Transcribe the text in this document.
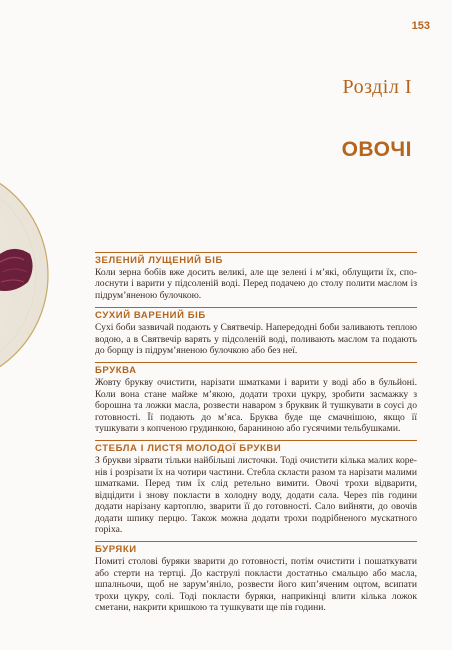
153
Розділ I
ОВОЧІ
ЗЕЛЕНИЙ ЛУЩЕНИЙ БІБ

Коли зерна бобів вже досить великі, але ще зелені і м’які, облущити їх, сполоснути і варити у підсоленій воді. Перед подачею до столу полити маслом із підрум’яненою булочкою.

СУХИЙ ВАРЕНИЙ БІБ

Сухі боби зазвичай подають у Святвечір. Напередодні боби заливають теплою водою, а в Святвечір варять у підсоленій воді, поливають маслом та подають до борщу із підрум’яненою булочкою або без неї.

БРУКВА

Жовту брукву очистити, нарізати шматками і варити у воді або в бульйоні. Коли вона стане майже м’якою, додати трохи цукру, зробити засмажку з борошна та ложки масла, розвести наваром з бруквик й тушкувати в соусі до готовності. Її подають до м’яса. Бруква буде ще смачнішою, якщо її тушкувати з копченою грудинкою, бараниною або гусячими тельбушками.

СТЕБЛА І ЛИСТЯ МОЛОДОЇ БРУКВИ

З брукви зірвати тільки найбільші листочки. Тоді очистити кілька малих коренів і розрізати їх на чотири частини. Стебла скласти разом та нарізати малими шматками. Перед тим їх слід ретельно вимити. Овочі трохи відварити, відцідити і знову покласти в холодну воду, додати сала. Через пів години додати нарізану картоплю, зварити її до готовності. Сало вийняти, до овочів додати шпику перцю. Також можна додати трохи подрібненого мускатного горіха.

БУРЯКИ

Помиті столові буряки зварити до готовності, потім очистити і пошаткувати або стерти на тертці. До каструлі покласти достатньо смальцю або масла, шпалньочи, щоб не зарум’яніло, розвести його кип’яченим оцтом, всипати трохи цукру, солі. Тоді покласти буряки, наприкінці влити кілька ложок сметани, накрити кришкою та тушкувати ще пів години.
